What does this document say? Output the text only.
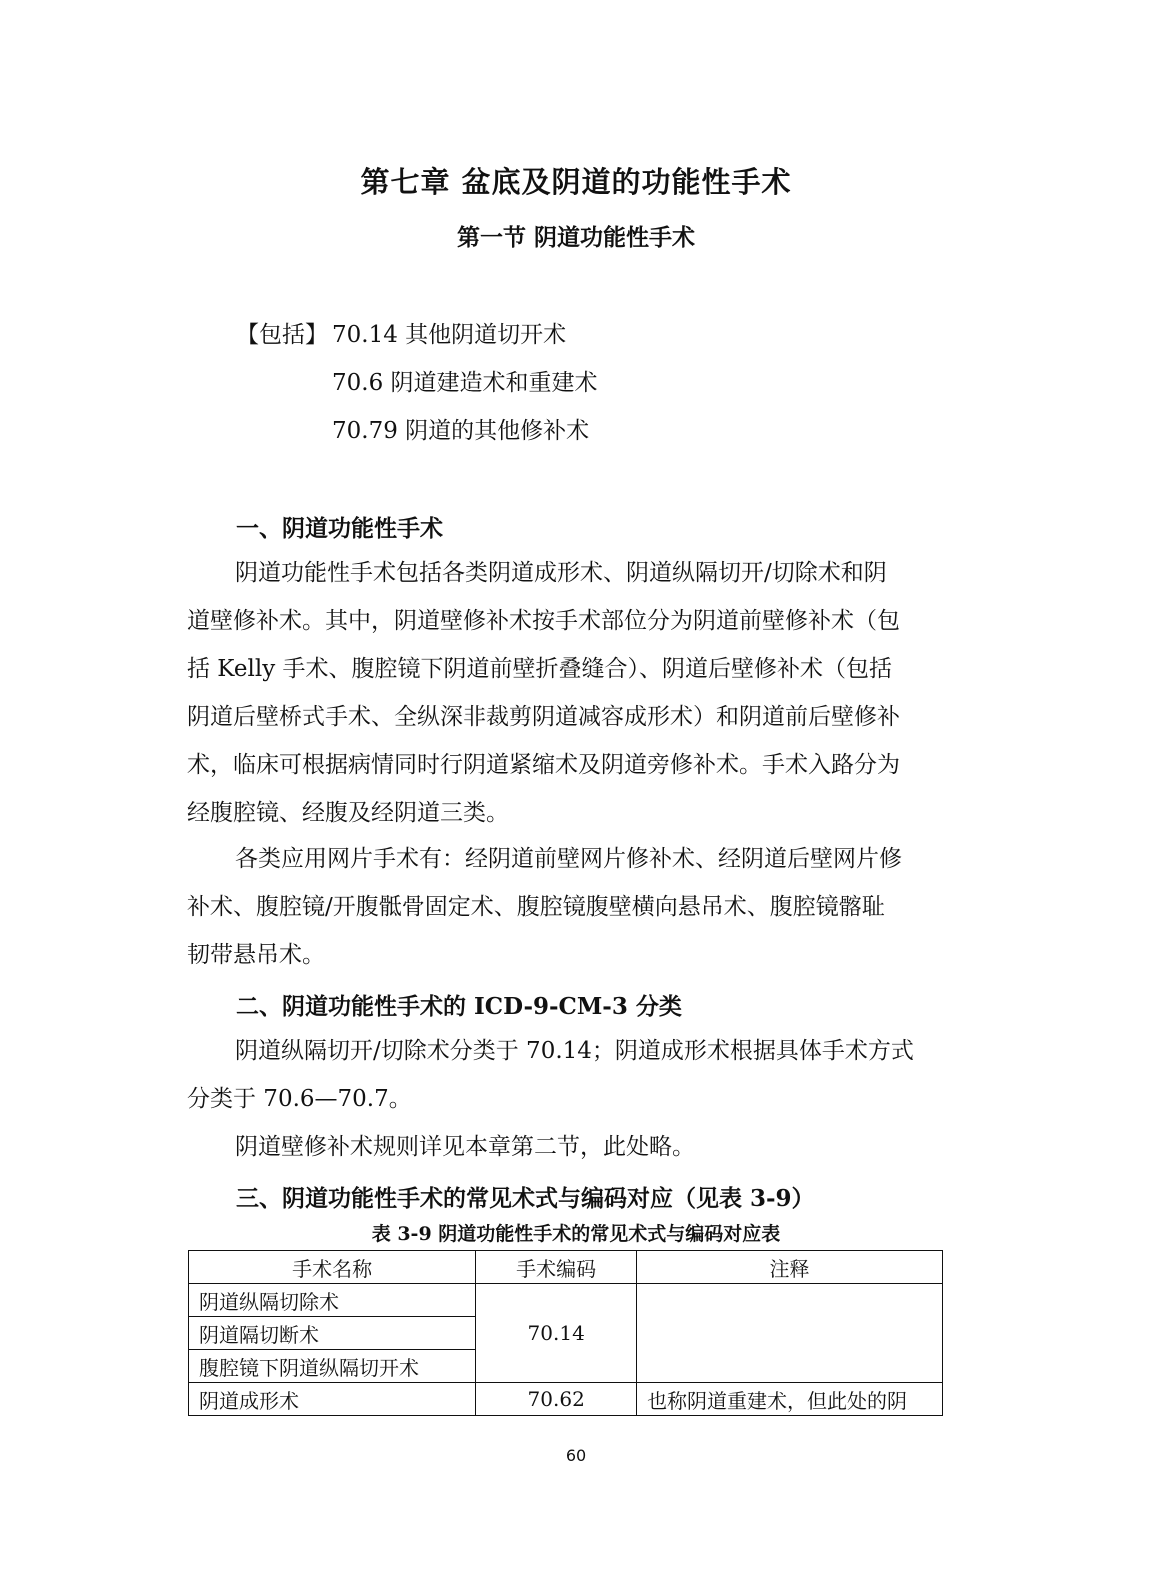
第七章 盆底及阴道的功能性手术
第一节 阴道功能性手术
【包括】 70.14 其他阴道切开术
70.6 阴道建造术和重建术
70.79 阴道的其他修补术
一、阴道功能性手术
阴道功能性手术包括各类阴道成形术、阴道纵隔切开/切除术和阴
道壁修补术。其中，阴道壁修补术按手术部位分为阴道前壁修补术（包
括 Kelly 手术、腹腔镜下阴道前壁折叠缝合）、阴道后壁修补术（包括
阴道后壁桥式手术、全纵深非裁剪阴道减容成形术）和阴道前后壁修补
术，临床可根据病情同时行阴道紧缩术及阴道旁修补术。手术入路分为
经腹腔镜、经腹及经阴道三类。
各类应用网片手术有：经阴道前壁网片修补术、经阴道后壁网片修
补术、腹腔镜/开腹骶骨固定术、腹腔镜腹壁横向悬吊术、腹腔镜髂耻
韧带悬吊术。
二、阴道功能性手术的 ICD-9-CM-3 分类
阴道纵隔切开/切除术分类于 70.14；阴道成形术根据具体手术方式
分类于 70.6—70.7。
阴道壁修补术规则详见本章第二节，此处略。
三、阴道功能性手术的常见术式与编码对应（见表 3-9）
表 3-9 阴道功能性手术的常见术式与编码对应表
手术名称	手术编码	注释
阴道纵隔切除术	70.14	
阴道隔切断术		
腹腔镜下阴道纵隔切开术		
阴道成形术	70.62	也称阴道重建术，但此处的阴
60
